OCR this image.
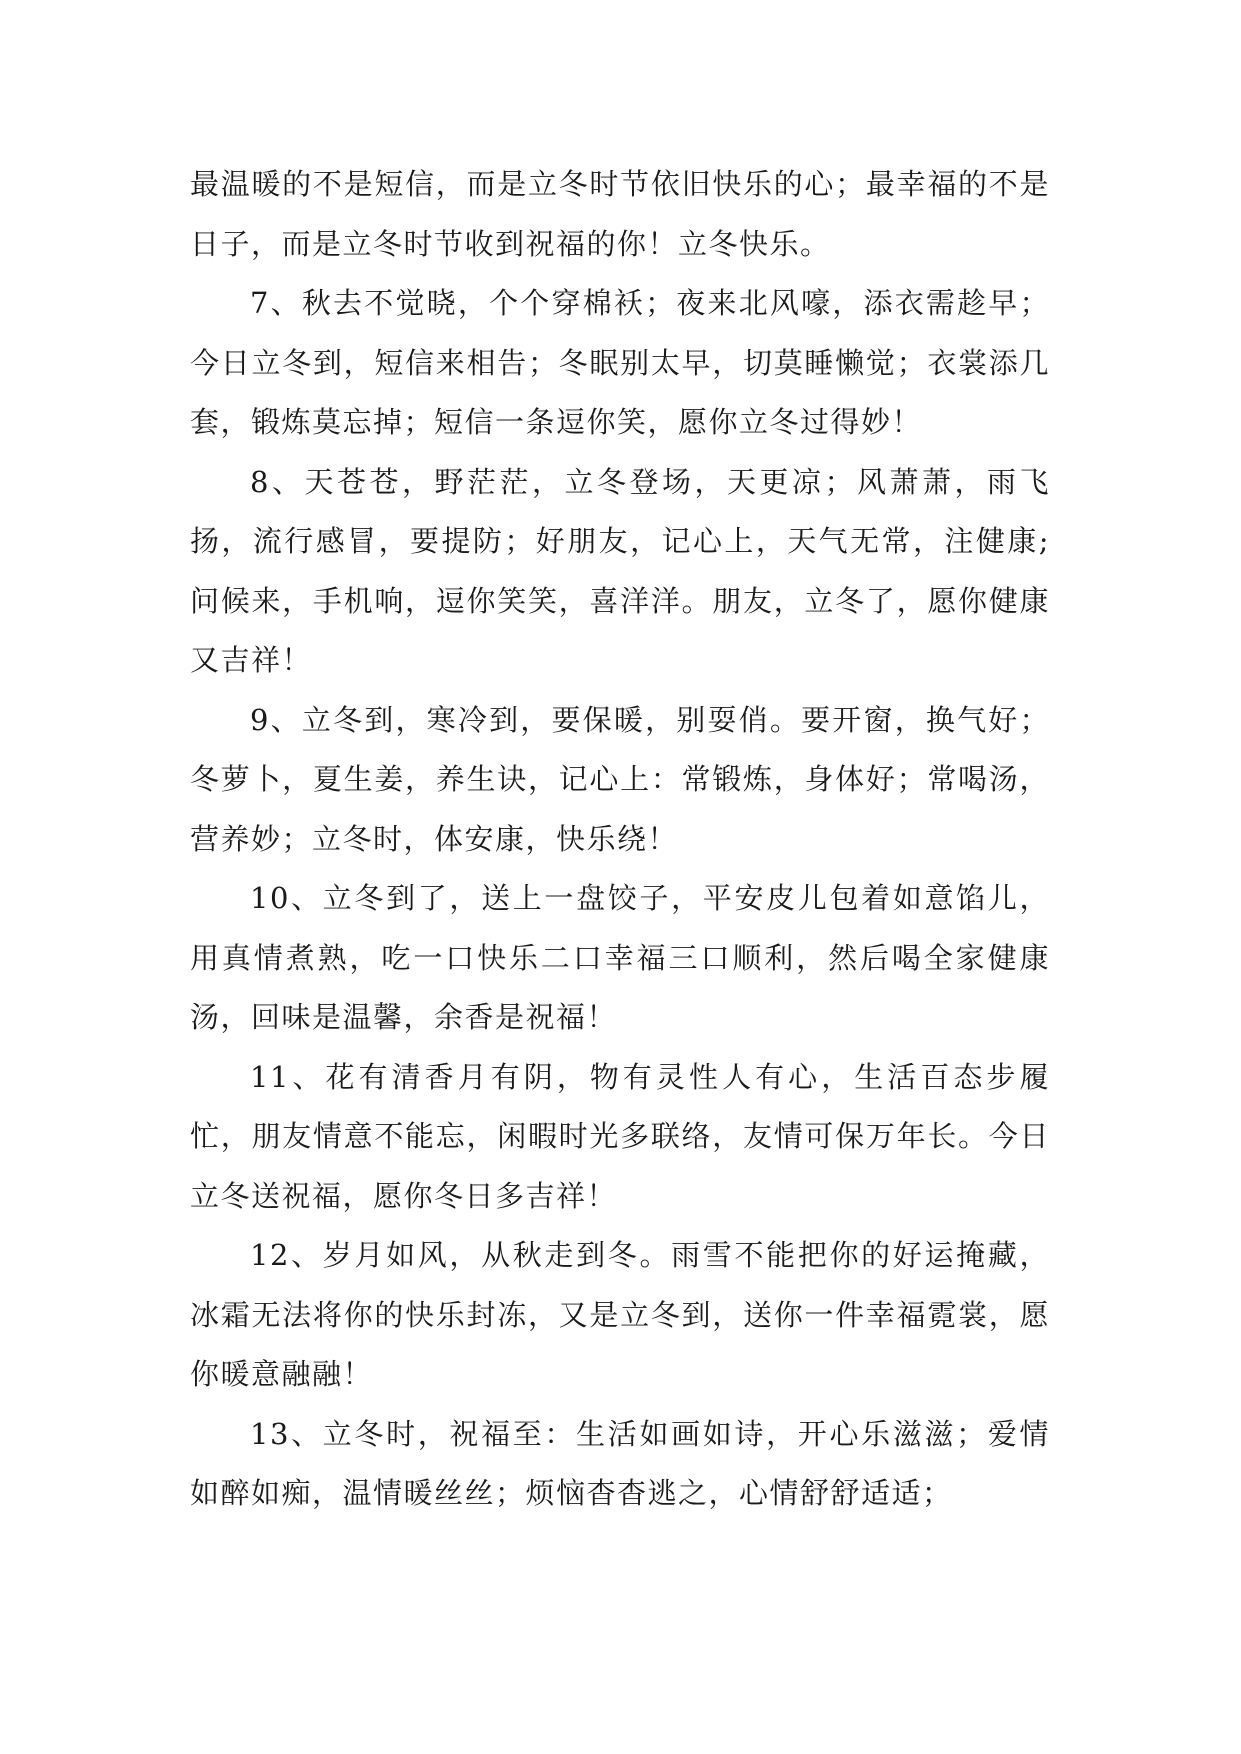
最温暖的不是短信，而是立冬时节依旧快乐的心；最幸福的不是日子，而是立冬时节收到祝福的你！立冬快乐。

7、秋去不觉晓，个个穿棉袄；夜来北风嚎，添衣需趁早；今日立冬到，短信来相告；冬眠别太早，切莫睡懒觉；衣裳添几套，锻炼莫忘掉；短信一条逗你笑，愿你立冬过得妙！

8、天苍苍，野茫茫，立冬登场，天更凉；风萧萧，雨飞扬，流行感冒，要提防；好朋友，记心上，天气无常，注健康;问候来，手机响，逗你笑笑，喜洋洋。朋友，立冬了，愿你健康又吉祥！

9、立冬到，寒冷到，要保暖，别耍俏。要开窗，换气好；冬萝卜，夏生姜，养生诀，记心上：常锻炼，身体好；常喝汤，营养妙；立冬时，体安康，快乐绕！

10、立冬到了，送上一盘饺子，平安皮儿包着如意馅儿，用真情煮熟，吃一口快乐二口幸福三口顺利，然后喝全家健康汤，回味是温馨，余香是祝福！

11、花有清香月有阴，物有灵性人有心，生活百态步履忙，朋友情意不能忘，闲暇时光多联络，友情可保万年长。今日立冬送祝福，愿你冬日多吉祥！

12、岁月如风，从秋走到冬。雨雪不能把你的好运掩藏，冰霜无法将你的快乐封冻，又是立冬到，送你一件幸福霓裳，愿你暖意融融！

13、立冬时，祝福至：生活如画如诗，开心乐滋滋；爱情如醉如痴，温情暖丝丝；烦恼杳杳逃之，心情舒舒适适；
